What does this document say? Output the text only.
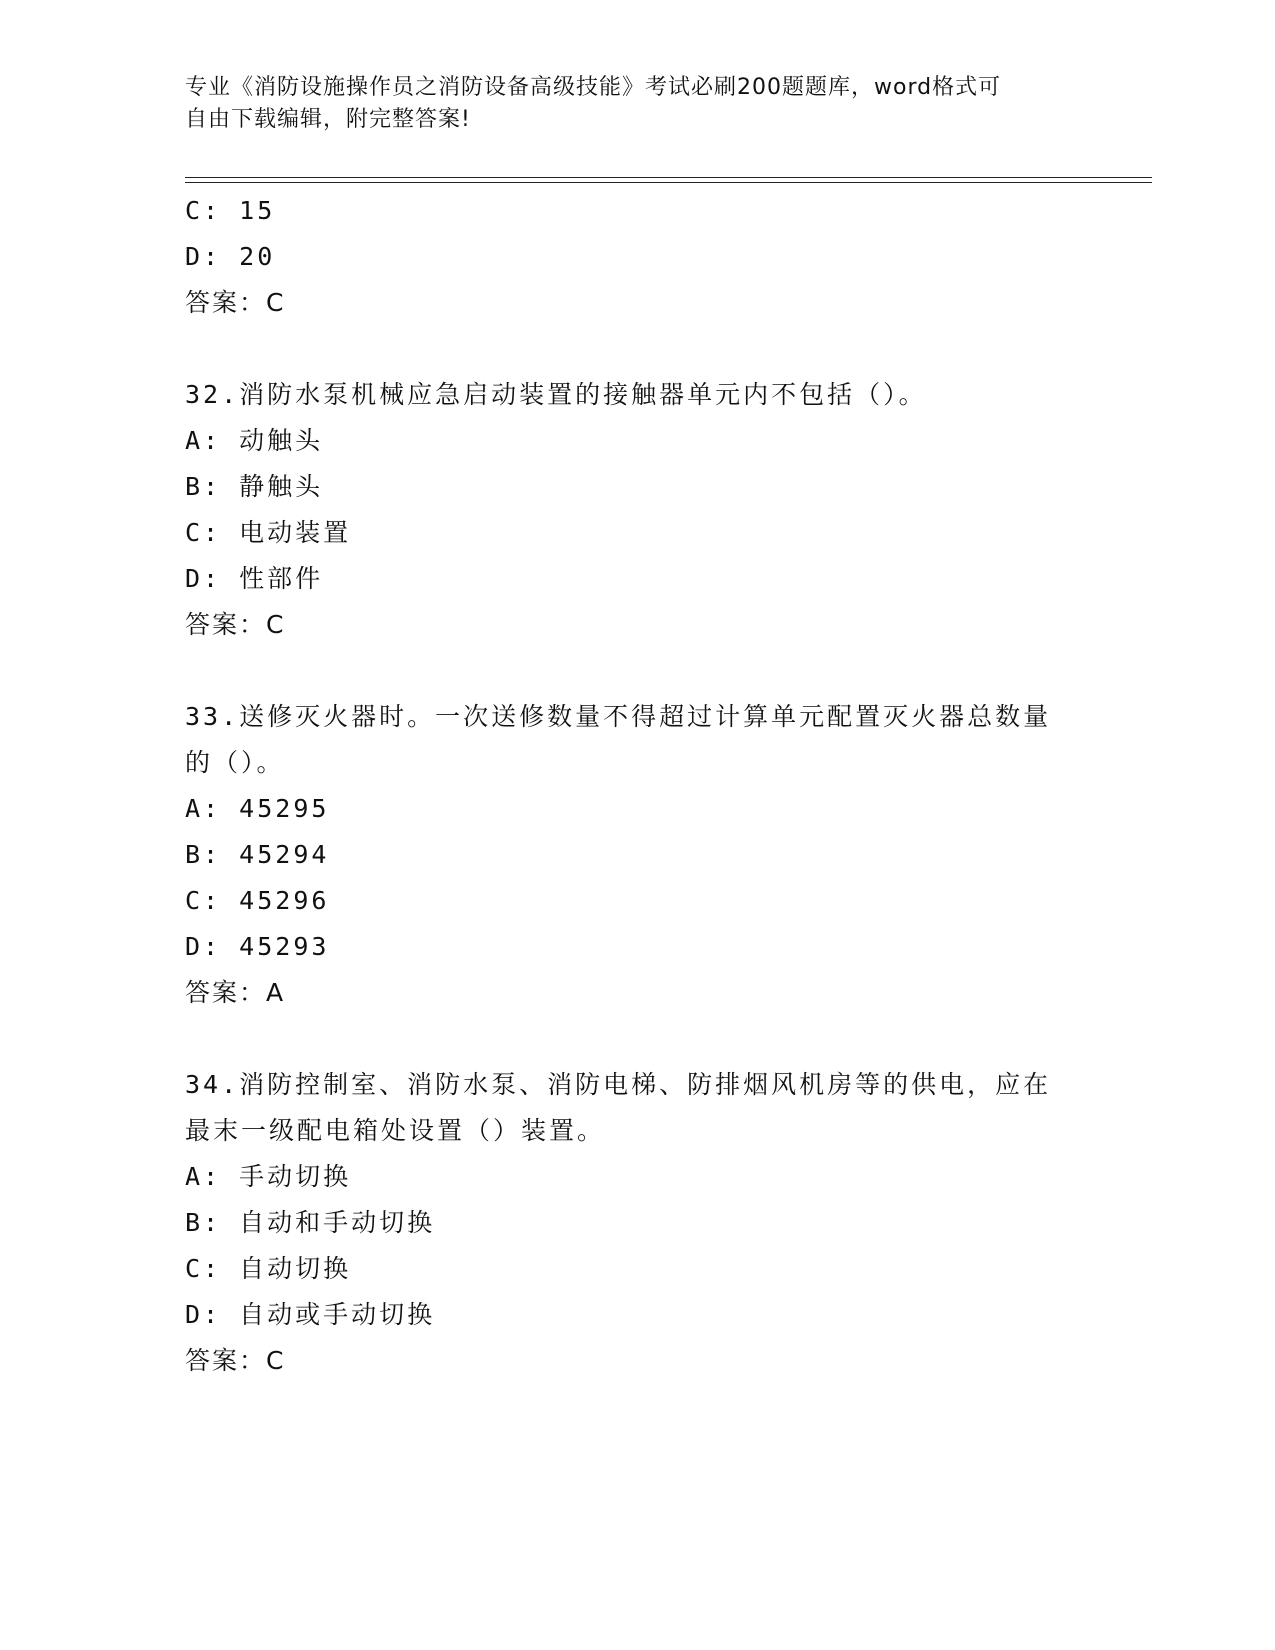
专业《消防设施操作员之消防设备高级技能》考试必刷200题题库，word格式可
自由下载编辑，附完整答案!
C: 15
D: 20
答案：C
32.消防水泵机械应急启动装置的接触器单元内不包括（）。
A: 动触头
B: 静触头
C: 电动装置
D: 性部件
答案：C
33.送修灭火器时。一次送修数量不得超过计算单元配置灭火器总数量
的（）。
A: 45295
B: 45294
C: 45296
D: 45293
答案：A
34.消防控制室、消防水泵、消防电梯、防排烟风机房等的供电，应在
最末一级配电箱处设置（）装置。
A: 手动切换
B: 自动和手动切换
C: 自动切换
D: 自动或手动切换
答案：C
